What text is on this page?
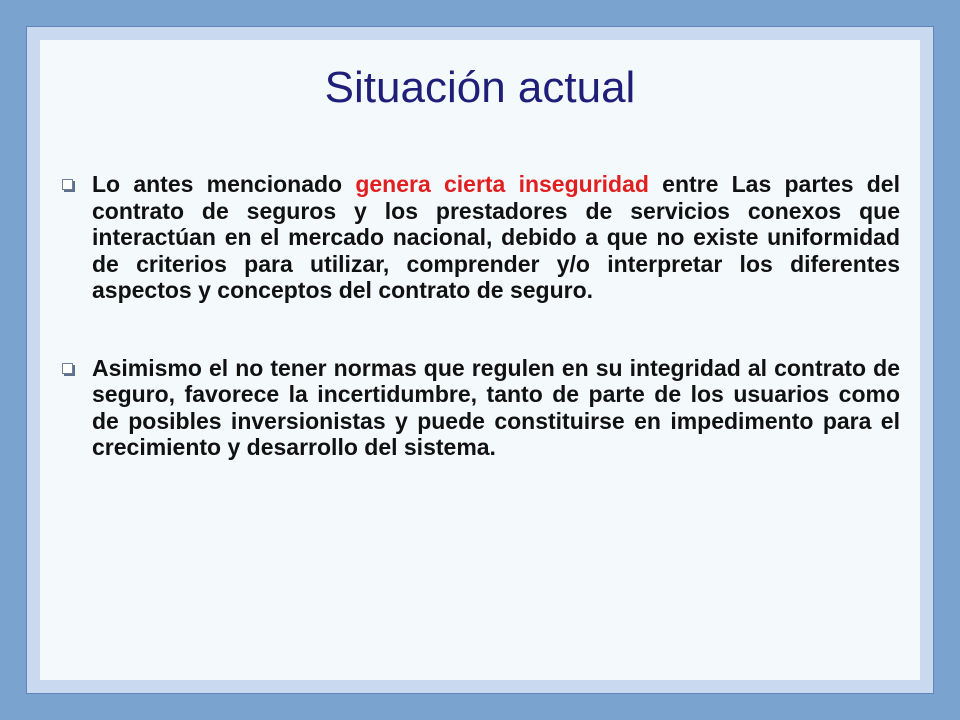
Situación actual
Lo antes mencionado genera cierta inseguridad entre Las partes del contrato de seguros y los prestadores de servicios conexos que interactúan en el mercado nacional, debido a que no existe uniformidad de criterios para utilizar, comprender y/o interpretar los diferentes aspectos y conceptos del contrato de seguro.
Asimismo el no tener normas que regulen en su integridad al contrato de seguro, favorece la incertidumbre, tanto de parte de los usuarios como de posibles inversionistas y puede constituirse en impedimento para el crecimiento y desarrollo del sistema.
